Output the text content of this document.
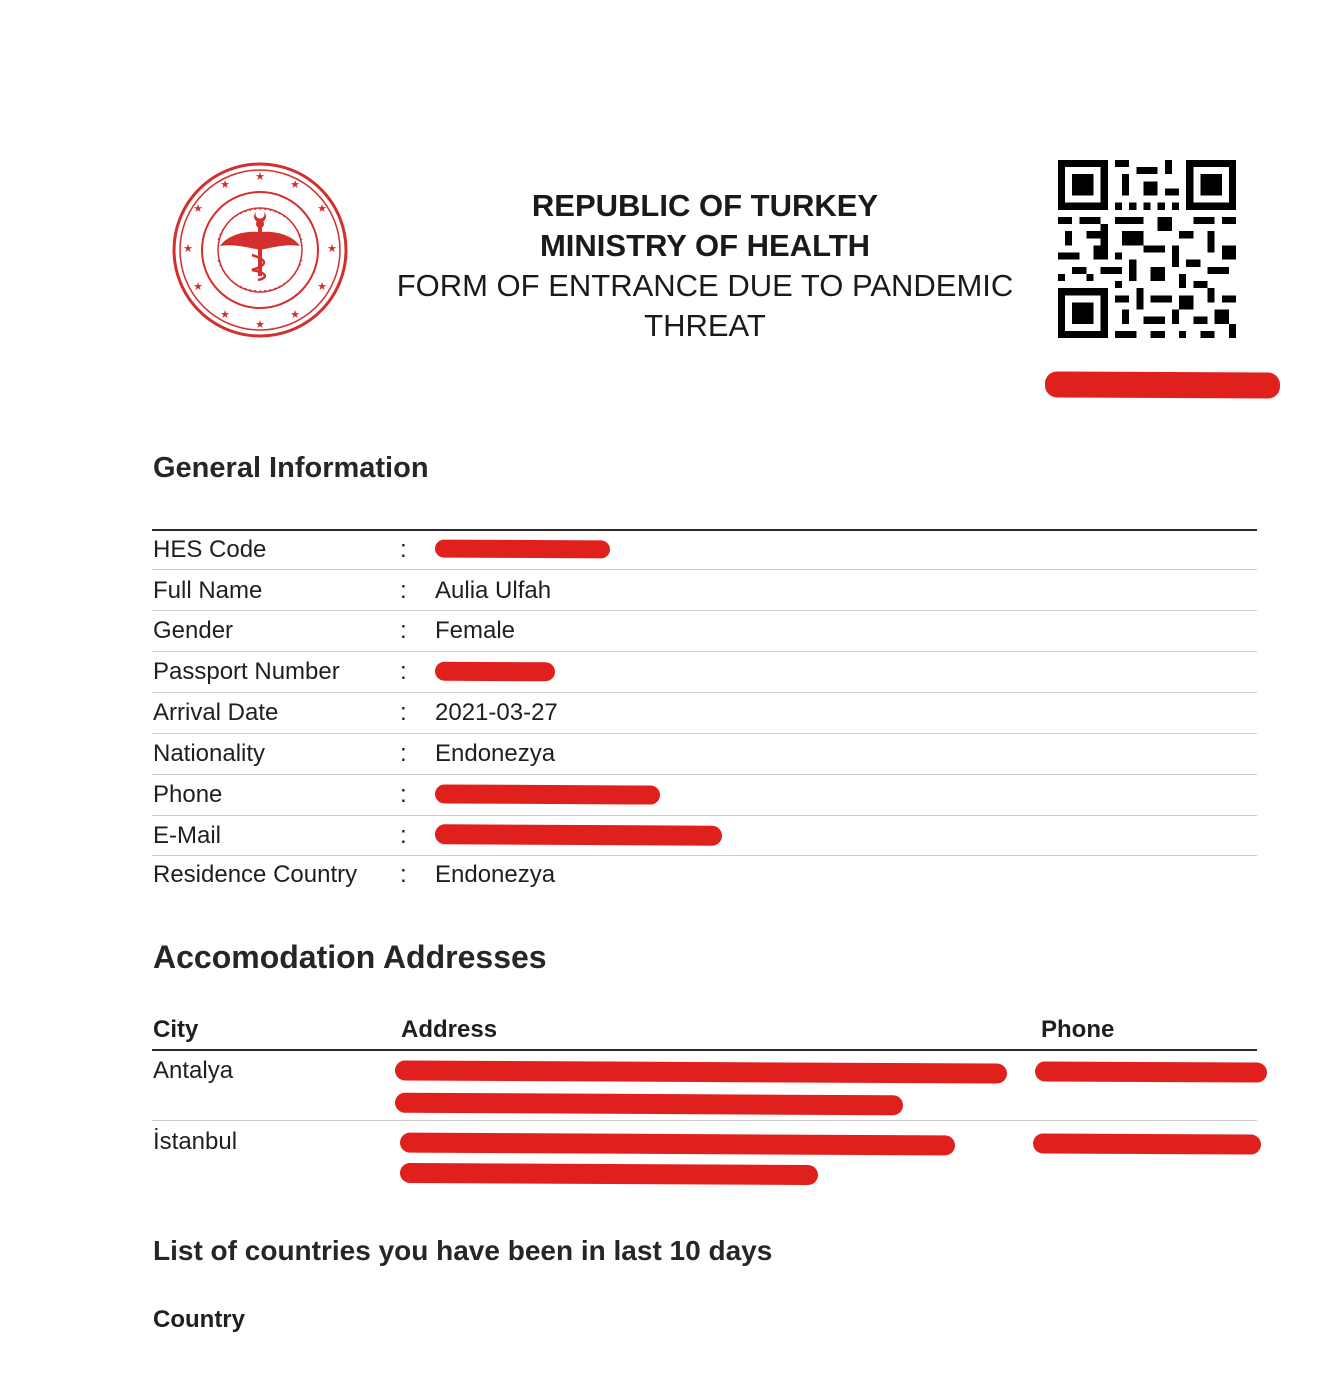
★
★
★
★
★
★
★
★
★
★
★
★
REPUBLIC OF TURKEY
MINISTRY OF HEALTH
FORM OF ENTRANCE DUE TO PANDEMIC
THREAT
General Information
HES Code	:
Full Name	: Aulia Ulfah
Gender	: Female
Passport Number	:
Arrival Date	: 2021-03-27
Nationality	: Endonezya
Phone	:
E-Mail	:
Residence Country : Endonezya
Accomodation Addresses
City	Address	Phone
Antalya
İstanbul
List of countries you have been in last 10 days
Country
